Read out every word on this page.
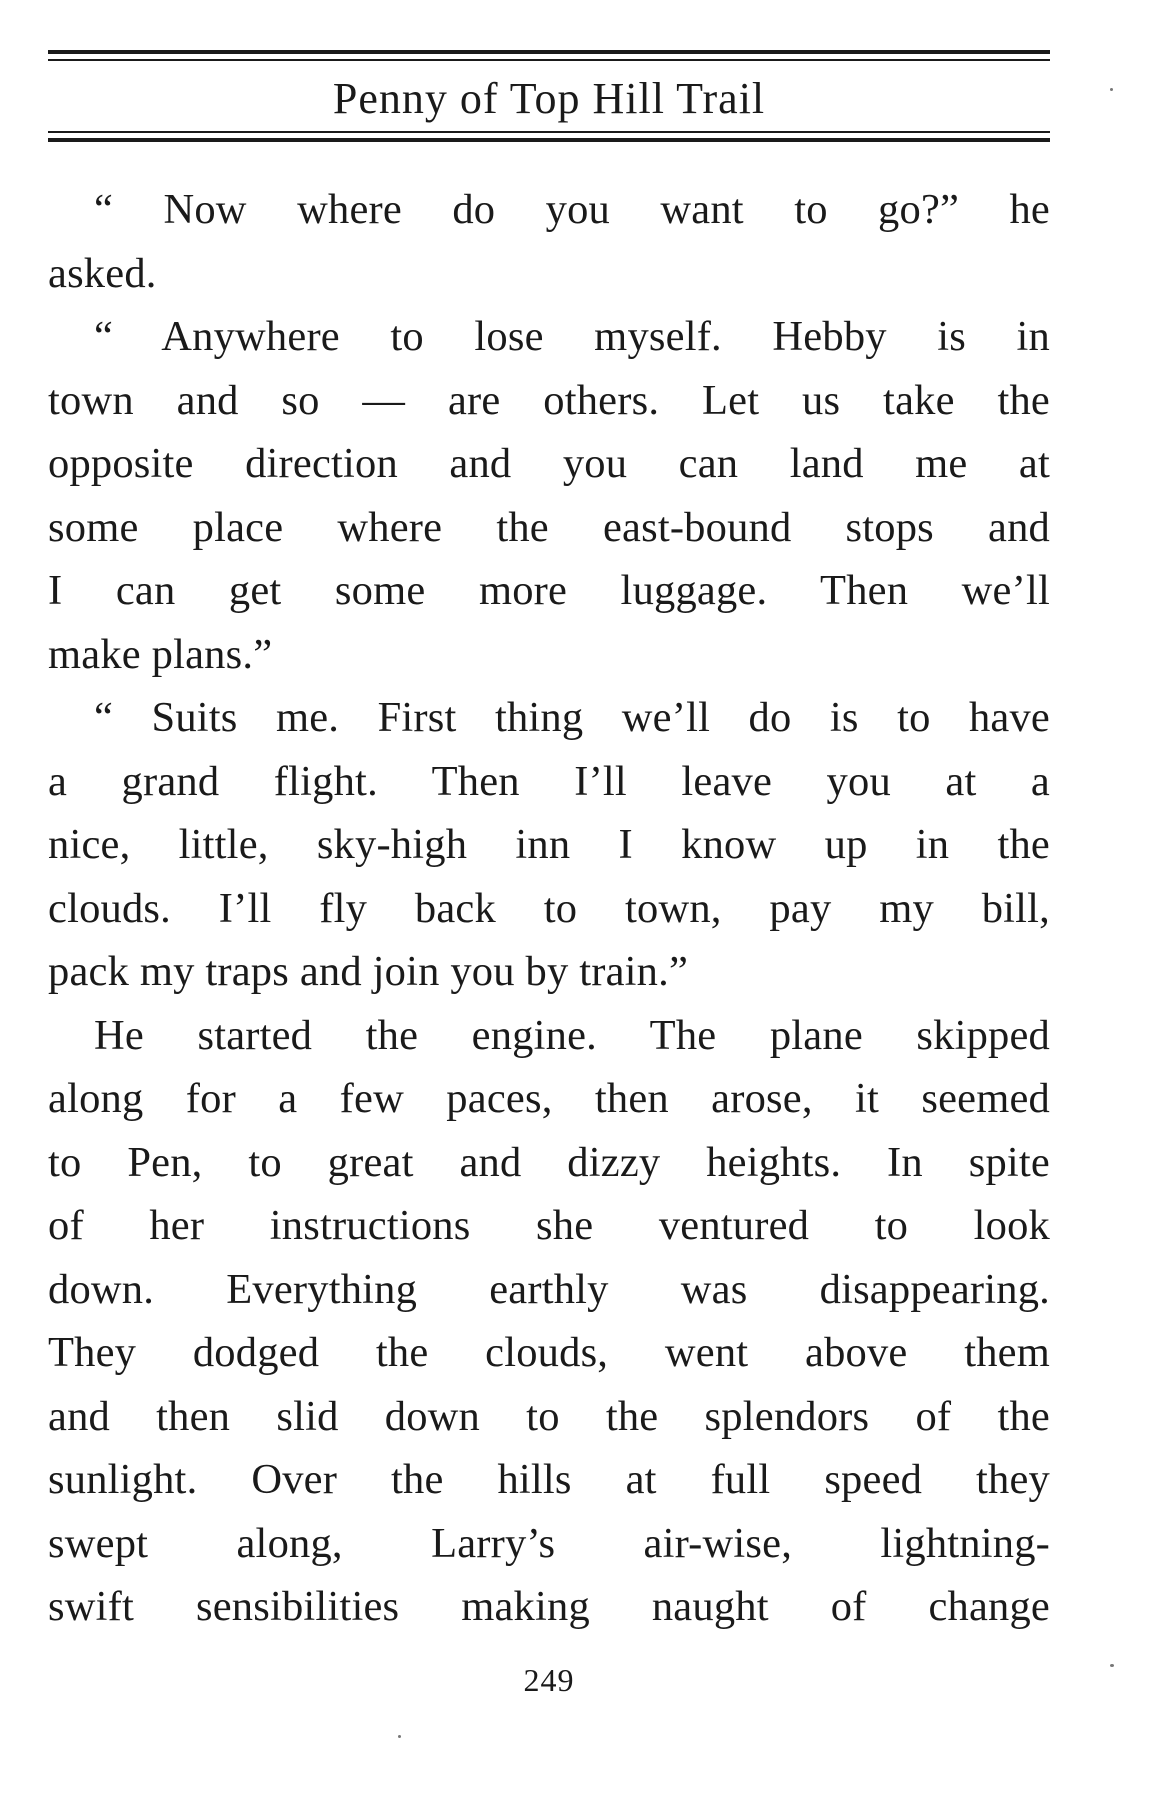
Penny of Top Hill Trail
“ Now where do you want to go?” he
asked.
“ Anywhere to lose myself. Hebby is in
town and so — are others. Let us take the
opposite direction and you can land me at
some place where the east-bound stops and
I can get some more luggage. Then we’ll
make plans.”
“ Suits me. First thing we’ll do is to have
a grand flight. Then I’ll leave you at a
nice, little, sky-high inn I know up in the
clouds. I’ll fly back to town, pay my bill,
pack my traps and join you by train.”
He started the engine. The plane skipped
along for a few paces, then arose, it seemed
to Pen, to great and dizzy heights. In spite
of her instructions she ventured to look
down. Everything earthly was disappearing.
They dodged the clouds, went above them
and then slid down to the splendors of the
sunlight. Over the hills at full speed they
swept along, Larry’s air-wise, lightning-
swift sensibilities making naught of change
249
